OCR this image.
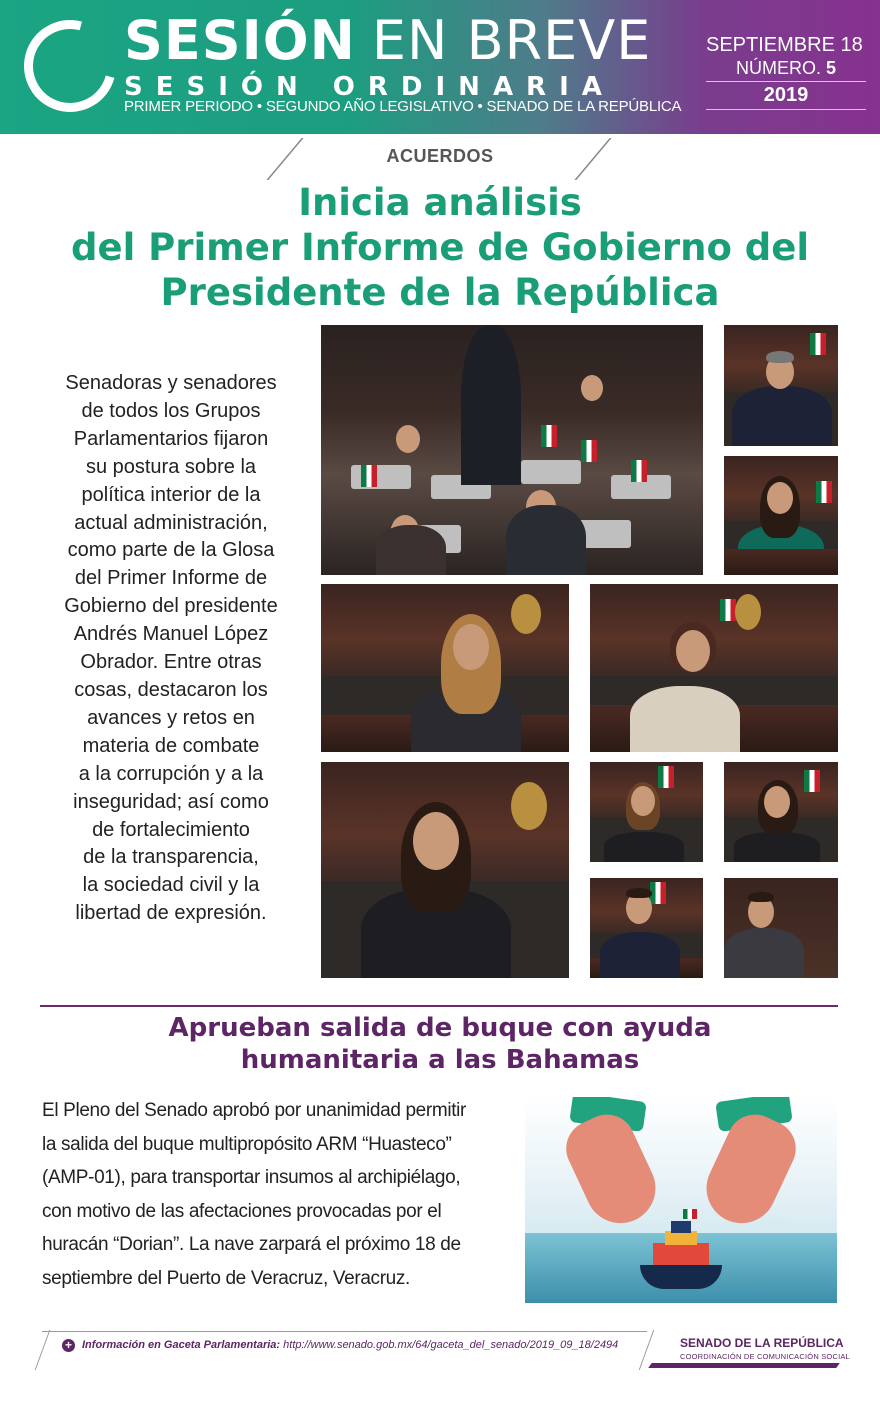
SESIÓN EN BREVE
SESIÓN ORDINARIA
PRIMER PERIODO • SEGUNDO AÑO LEGISLATIVO • SENADO DE LA REPÚBLICA
SEPTIEMBRE 18
NÚMERO. 5
2019
ACUERDOS
Inicia análisis
del Primer Informe de Gobierno del
Presidente de la República
Senadoras y senadores
de todos los Grupos
Parlamentarios fijaron
su postura sobre la
política interior de la
actual administración,
como parte de la Glosa
del Primer Informe de
Gobierno del presidente
Andrés Manuel López
Obrador. Entre otras
cosas, destacaron los
avances y retos en
materia de combate
a la corrupción y a la
inseguridad; así como
de fortalecimiento
de la transparencia,
la sociedad civil y la
libertad de expresión.
Aprueban salida de buque con ayuda
humanitaria a las Bahamas

El Pleno del Senado aprobó por unanimidad permitir

la salida del buque multipropósito ARM “Huasteco”

(AMP-01), para transportar insumos al archipiélago,

con motivo de las afectaciones provocadas por el

huracán “Dorian”. La nave zarpará el próximo 18 de

septiembre del Puerto de Veracruz, Veracruz.

+ Información en Gaceta Parlamentaria: http://www.senado.gob.mx/64/gaceta_del_senado/2019_09_18/2494	SENADO DE LA REPÚBLICA
COORDINACIÓN DE COMUNICACIÓN SOCIAL
